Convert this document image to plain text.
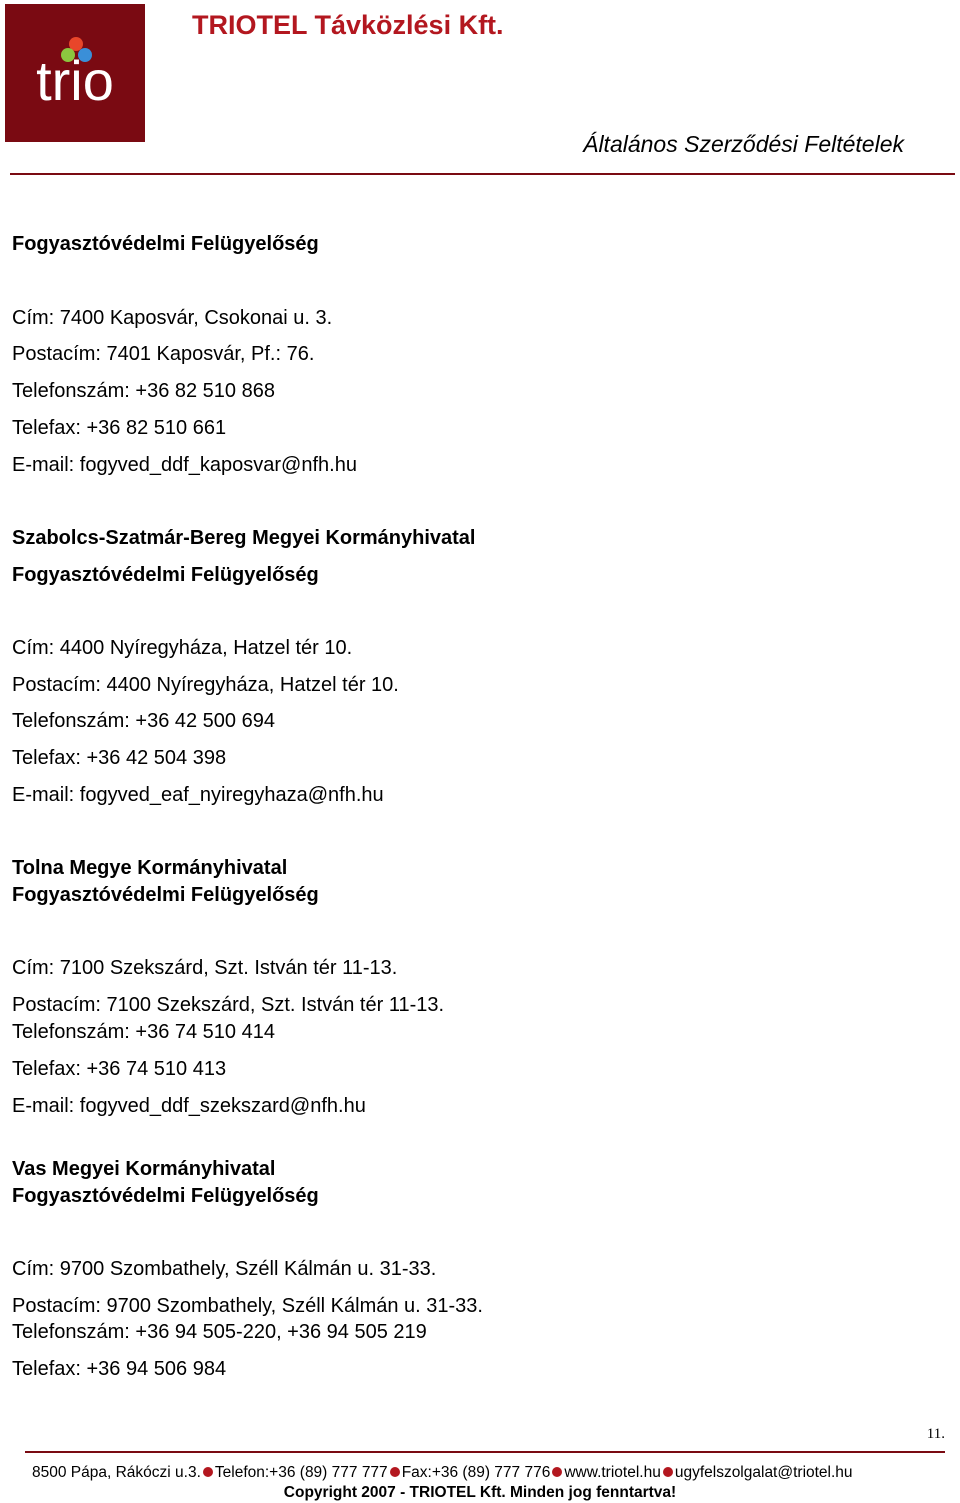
trio
TRIOTEL Távközlési Kft.
Általános Szerződési Feltételek
Fogyasztóvédelmi Felügyelőség
Cím: 7400 Kaposvár, Csokonai u. 3.
Postacím: 7401 Kaposvár, Pf.: 76.
Telefonszám: +36 82 510 868
Telefax: +36 82 510 661
E-mail: fogyved_ddf_kaposvar@nfh.hu
Szabolcs-Szatmár-Bereg Megyei Kormányhivatal
Fogyasztóvédelmi Felügyelőség
Cím: 4400 Nyíregyháza, Hatzel tér 10.
Postacím: 4400 Nyíregyháza, Hatzel tér 10.
Telefonszám: +36 42 500 694
Telefax: +36 42 504 398
E-mail: fogyved_eaf_nyiregyhaza@nfh.hu
Tolna Megye Kormányhivatal
Fogyasztóvédelmi Felügyelőség
Cím: 7100 Szekszárd, Szt. István tér 11-13.
Postacím: 7100 Szekszárd, Szt. István tér 11-13.
Telefonszám: +36 74 510 414
Telefax: +36 74 510 413
E-mail: fogyved_ddf_szekszard@nfh.hu
Vas Megyei Kormányhivatal
Fogyasztóvédelmi Felügyelőség
Cím: 9700 Szombathely, Széll Kálmán u. 31-33.
Postacím: 9700 Szombathely, Széll Kálmán u. 31-33.
Telefonszám: +36 94 505-220, +36 94 505 219
Telefax: +36 94 506 984
11.
8500 Pápa, Rákóczi u.3. Telefon:+36 (89) 777 777 Fax:+36 (89) 777 776 www.triotel.hu ugyfelszolgalat@triotel.hu
Copyright 2007 - TRIOTEL Kft. Minden jog fenntartva!
